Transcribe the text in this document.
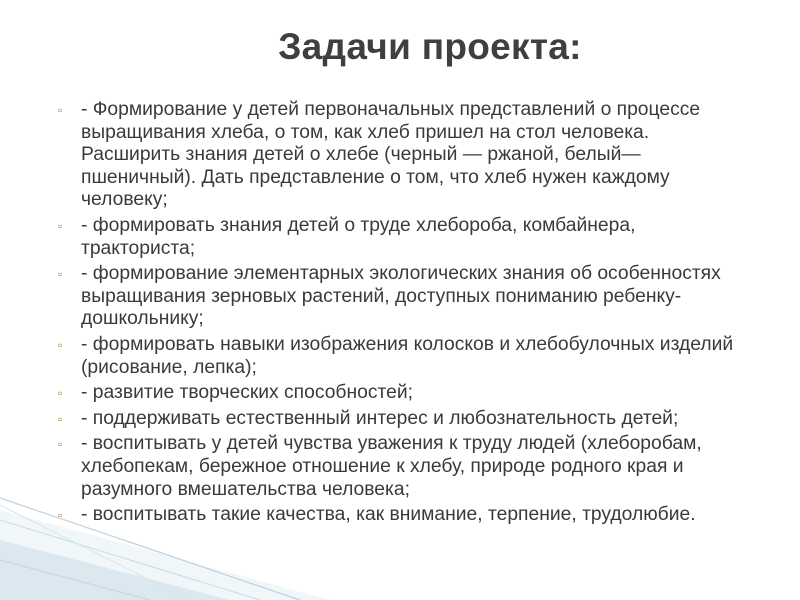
Задачи проекта:
▫ - Формирование у детей первоначальных представлений о процессе выращивания хлеба, о том, как хлеб пришел на стол человека. Расширить знания детей о хлебе (черный — ржаной, белый—пшеничный). Дать представление о том, что хлеб нужен каждому человеку;
▫ - формировать знания детей о труде хлебороба, комбайнера, тракториста;
▫ - формирование элементарных экологических знания об особенностях выращивания зерновых растений, доступных пониманию ребенку-дошкольнику;
▫ - формировать навыки изображения колосков и хлебобулочных изделий (рисование, лепка);
▫ - развитие творческих способностей;
▫ - поддерживать естественный интерес и любознательность детей;
▫ - воспитывать у детей чувства уважения к труду людей (хлеборобам, хлебопекам, бережное отношение к хлебу, природе родного края и разумного вмешательства человека;
▫ - воспитывать такие качества, как внимание, терпение, трудолюбие.
